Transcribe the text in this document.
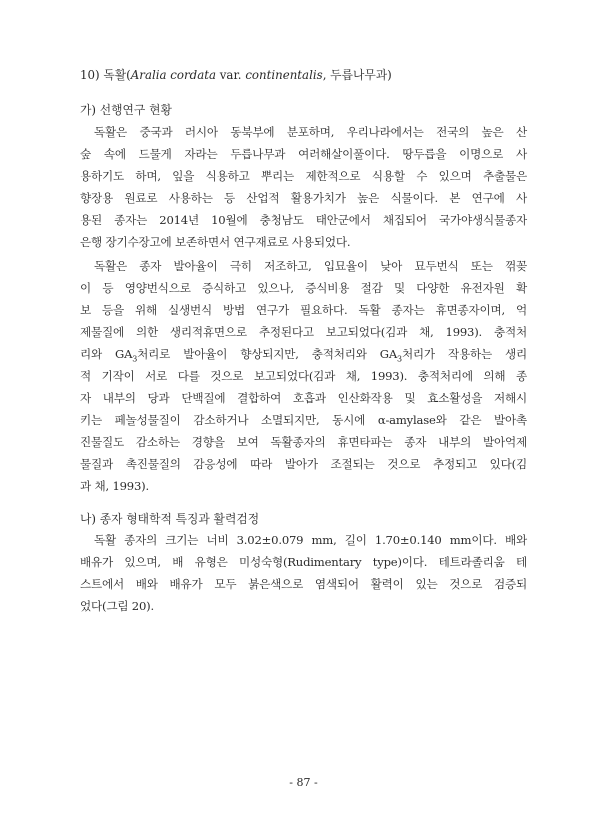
10) 독활(Aralia cordata var. continentalis, 두릅나무과)
가) 선행연구 현황
독활은 중국과 러시아 동북부에 분포하며, 우리나라에서는 전국의 높은 산
숲 속에 드물게 자라는 두릅나무과 여러해살이풀이다. 땅두릅을 이명으로 사
용하기도 하며, 잎을 식용하고 뿌리는 제한적으로 식용할 수 있으며 추출물은
향장용 원료로 사용하는 등 산업적 활용가치가 높은 식물이다. 본 연구에 사
용된 종자는 2014년 10월에 충청남도 태안군에서 채집되어 국가야생식물종자
은행 장기수장고에 보존하면서 연구재료로 사용되었다.
독활은 종자 발아율이 극히 저조하고, 입묘율이 낮아 묘두번식 또는 꺾꽂
이 등 영양번식으로 증식하고 있으나, 증식비용 절감 및 다양한 유전자원 확
보 등을 위해 실생번식 방법 연구가 필요하다. 독활 종자는 휴면종자이며, 억
제물질에 의한 생리적휴면으로 추정된다고 보고되었다(김과 채, 1993). 충적처
리와 $GA_3$처리로 발아율이 향상되지만, 충적처리와 $GA_3$처리가 작용하는 생리
적 기작이 서로 다를 것으로 보고되었다(김과 채, 1993). 충적처리에 의해 종
자 내부의 당과 단백질에 결합하여 호흡과 인산화작용 및 효소활성을 저해시
키는 페놀성물질이 감소하거나 소멸되지만, 동시에 α-amylase와 같은 발아촉
진물질도 감소하는 경향을 보여 독활종자의 휴면타파는 종자 내부의 발아억제
물질과 촉진물질의 감응성에 따라 발아가 조절되는 것으로 추정되고 있다(김
과 채, 1993).
나) 종자 형태학적 특징과 활력검정
독활 종자의 크기는 너비 3.02±0.079 mm, 길이 1.70±0.140 mm이다. 배와
배유가 있으며, 배 유형은 미성숙형(Rudimentary type)이다. 테트라졸리움 테
스트에서 배와 배유가 모두 붉은색으로 염색되어 활력이 있는 것으로 검증되
었다(그림 20).
- 87 -
